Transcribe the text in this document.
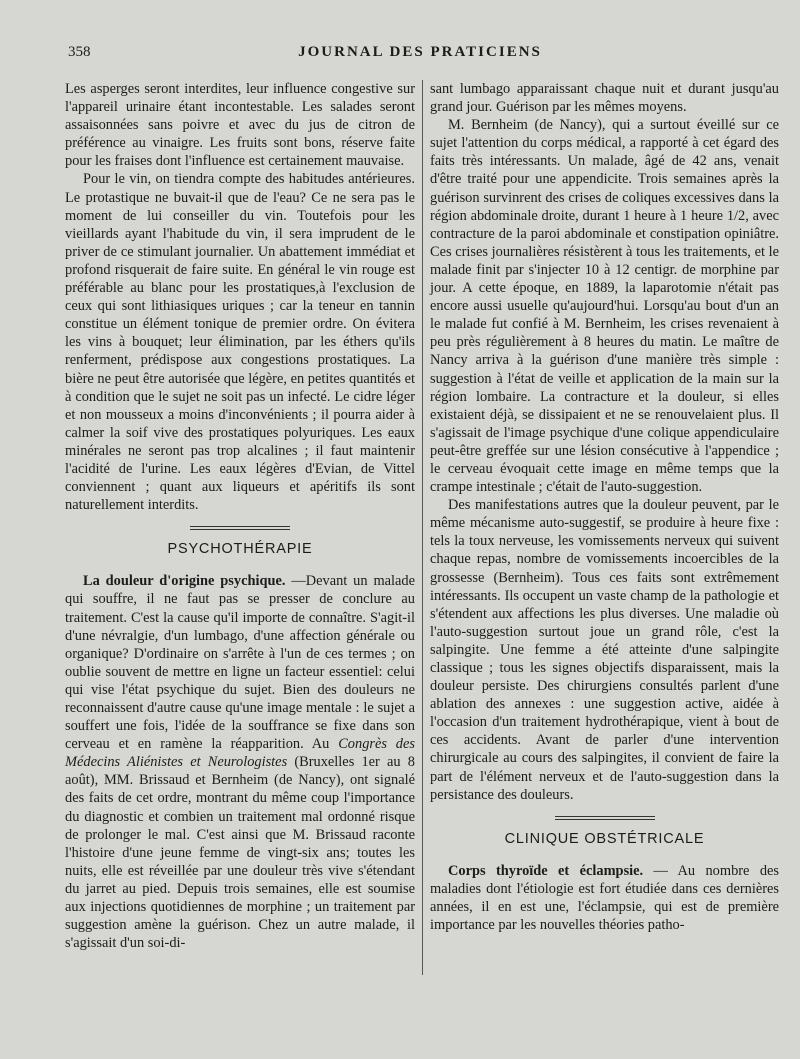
358	JOURNAL DES PRATICIENS

Les asperges seront interdites, leur influence congestive sur l'appareil urinaire étant incontestable. Les salades seront assaisonnées sans poivre et avec du jus de citron de préférence au vinaigre. Les fruits sont bons, réserve faite pour les fraises dont l'influence est certainement mauvaise.

Pour le vin, on tiendra compte des habitudes antérieures. Le protastique ne buvait-il que de l'eau? Ce ne sera pas le moment de lui conseiller du vin. Toutefois pour les vieillards ayant l'habitude du vin, il sera imprudent de le priver de ce stimulant journalier. Un abattement immédiat et profond risquerait de faire suite. En général le vin rouge est préférable au blanc pour les prostatiques,à l'exclusion de ceux qui sont lithiasiques uriques ; car la teneur en tannin constitue un élément tonique de premier ordre. On évitera les vins à bouquet; leur élimination, par les éthers qu'ils renferment, prédispose aux congestions prostatiques. La bière ne peut être autorisée que légère, en petites quantités et à condition que le sujet ne soit pas un infecté. Le cidre léger et non mousseux a moins d'inconvénients ; il pourra aider à calmer la soif vive des prostatiques polyuriques. Les eaux minérales ne seront pas trop alcalines ; il faut maintenir l'acidité de l'urine. Les eaux légères d'Evian, de Vittel conviennent ; quant aux liqueurs et apéritifs ils sont naturellement interdits.

PSYCHOTHÉRAPIE

La douleur d'origine psychique. —Devant un malade qui souffre, il ne faut pas se presser de conclure au traitement. C'est la cause qu'il importe de connaître. S'agit-il d'une névralgie, d'un lumbago, d'une affection générale ou organique? D'ordinaire on s'arrête à l'un de ces termes ; on oublie souvent de mettre en ligne un facteur essentiel: celui qui vise l'état psychique du sujet. Bien des douleurs ne reconnaissent d'autre cause qu'une image mentale : le sujet a souffert une fois, l'idée de la souffrance se fixe dans son cerveau et en ramène la réapparition. Au Congrès des Médecins Aliénistes et Neurologistes (Bruxelles 1er au 8 août), MM. Brissaud et Bernheim (de Nancy), ont signalé des faits de cet ordre, montrant du même coup l'importance du diagnostic et combien un traitement mal ordonné risque de prolonger le mal. C'est ainsi que M. Brissaud raconte l'histoire d'une jeune femme de vingt-six ans; toutes les nuits, elle est réveillée par une douleur très vive s'étendant du jarret au pied. Depuis trois semaines, elle est soumise aux injections quotidiennes de morphine ; un traitement par suggestion amène la guérison. Chez un autre malade, il s'agissait d'un soi-di-

sant lumbago apparaissant chaque nuit et durant jusqu'au grand jour. Guérison par les mêmes moyens.

M. Bernheim (de Nancy), qui a surtout éveillé sur ce sujet l'attention du corps médical, a rapporté à cet égard des faits très intéressants. Un malade, âgé de 42 ans, venait d'être traité pour une appendicite. Trois semaines après la guérison survinrent des crises de coliques excessives dans la région abdominale droite, durant 1 heure à 1 heure 1/2, avec contracture de la paroi abdominale et constipation opiniâtre. Ces crises journalières résistèrent à tous les traitements, et le malade finit par s'injecter 10 à 12 centigr. de morphine par jour. A cette époque, en 1889, la laparotomie n'était pas encore aussi usuelle qu'aujourd'hui. Lorsqu'au bout d'un an le malade fut confié à M. Bernheim, les crises revenaient à peu près régulièrement à 8 heures du matin. Le maître de Nancy arriva à la guérison d'une manière très simple : suggestion à l'état de veille et application de la main sur la région lombaire. La contracture et la douleur, si elles existaient déjà, se dissipaient et ne se renouvelaient plus. Il s'agissait de l'image psychique d'une colique appendiculaire peut-être greffée sur une lésion consécutive à l'appendice ; le cerveau évoquait cette image en même temps que la crampe intestinale ; c'était de l'auto-suggestion.

Des manifestations autres que la douleur peuvent, par le même mécanisme auto-suggestif, se produire à heure fixe : tels la toux nerveuse, les vomissements nerveux qui suivent chaque repas, nombre de vomissements incoercibles de la grossesse (Bernheim). Tous ces faits sont extrêmement intéressants. Ils occupent un vaste champ de la pathologie et s'étendent aux affections les plus diverses. Une maladie où l'auto-suggestion surtout joue un grand rôle, c'est la salpingite. Une femme a été atteinte d'une salpingite classique ; tous les signes objectifs disparaissent, mais la douleur persiste. Des chirurgiens consultés parlent d'une ablation des annexes : une suggestion active, aidée à l'occasion d'un traitement hydrothérapique, vient à bout de ces accidents. Avant de parler d'une intervention chirurgicale au cours des salpingites, il convient de faire la part de l'élément nerveux et de l'auto-suggestion dans la persistance des douleurs.

CLINIQUE OBSTÉTRICALE

Corps thyroïde et éclampsie. — Au nombre des maladies dont l'étiologie est fort étudiée dans ces dernières années, il en est une, l'éclampsie, qui est de première importance par les nouvelles théories patho-
